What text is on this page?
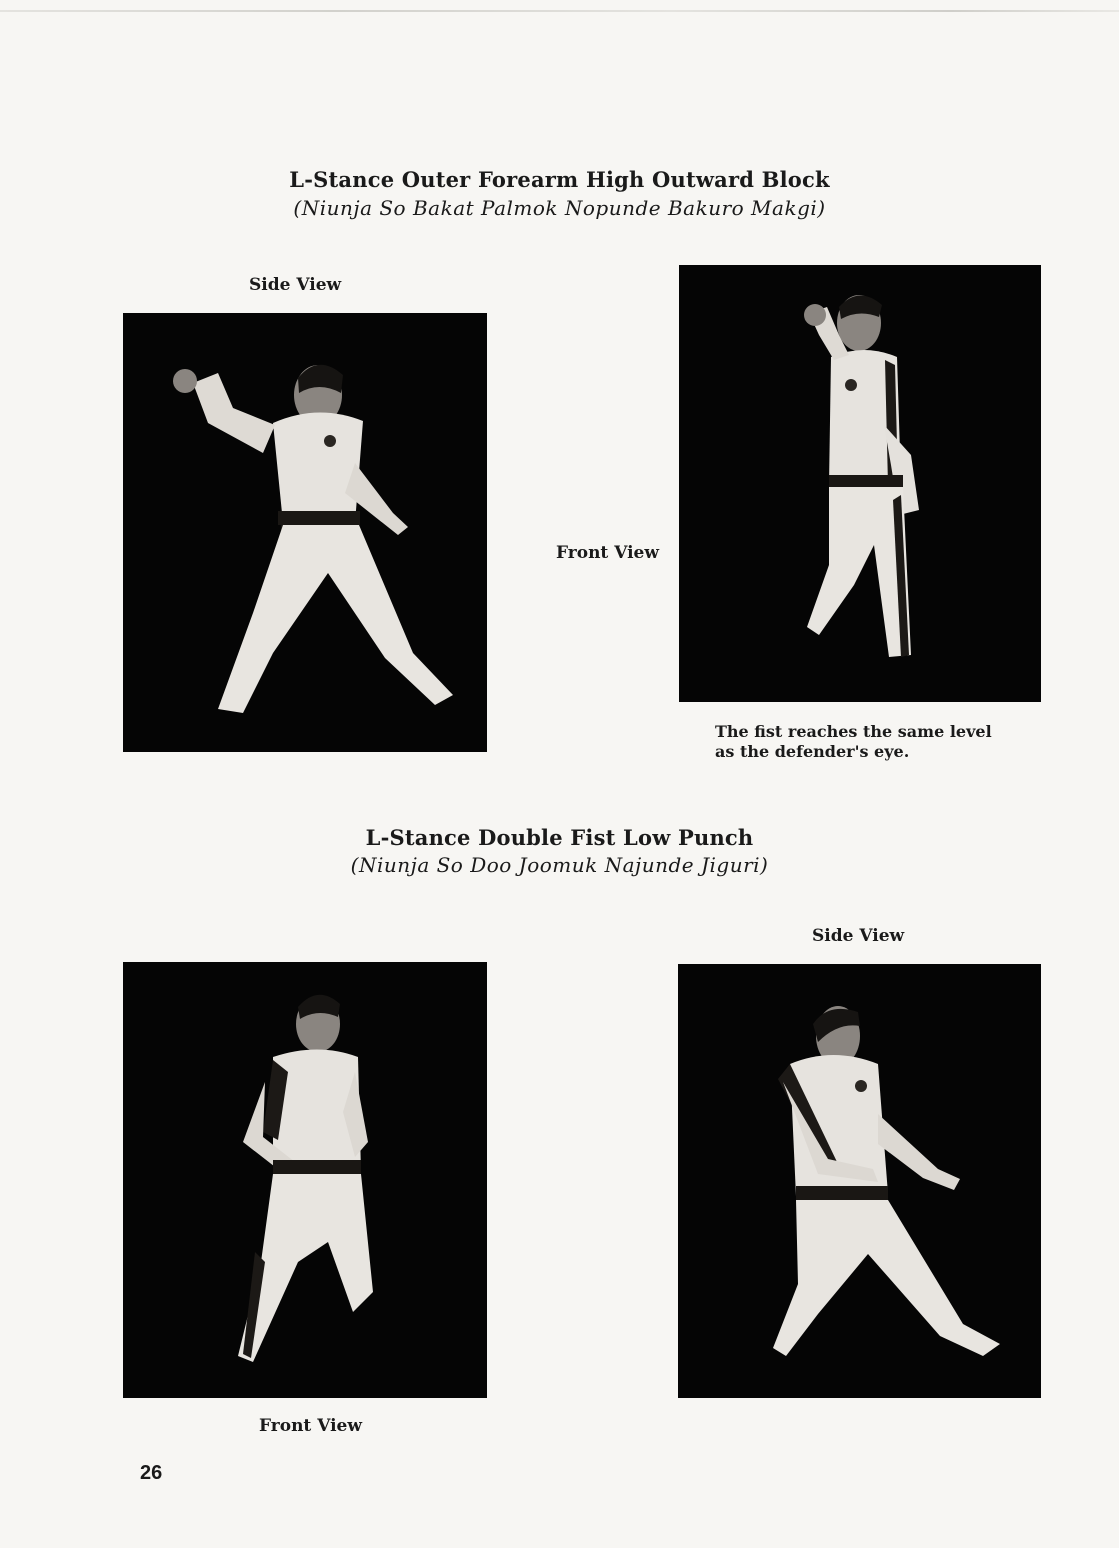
L-Stance Outer Forearm High Outward Block
(Niunja So Bakat Palmok Nopunde Bakuro Makgi)
Side View
Front View
The fist reaches the same level
as the defender's eye.
L-Stance Double Fist Low Punch
(Niunja So Doo Joomuk Najunde Jiguri)
Side View
Front View
26
